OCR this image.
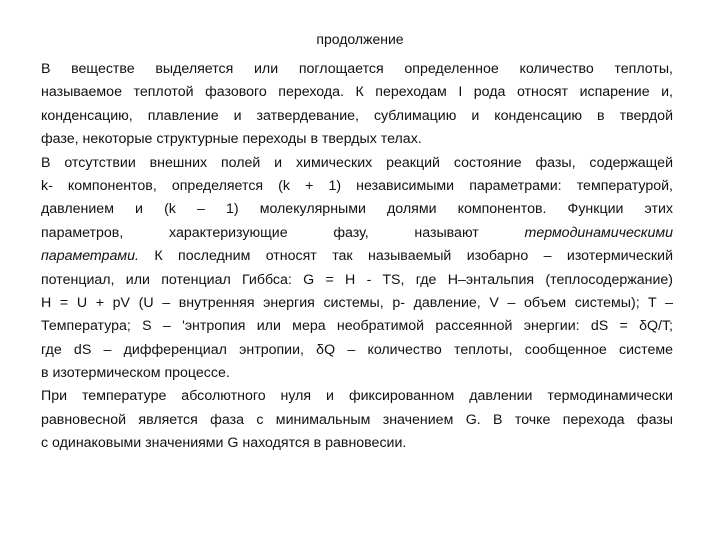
продолжение

В веществе выделяется или поглощается определенное количество теплоты,
называемое теплотой фазового перехода. К переходам I рода относят испарение и,
конденсацию, плавление и затвердевание, сублимацию и конденсацию в твердой
фазе, некоторые структурные переходы в твердых телах.
В отсутствии внешних полей и химических реакций состояние фазы, содержащей
k- компонентов, определяется (k + 1) независимыми параметрами: температурой,
давлением и (k – 1) молекулярными долями компонентов. Функции этих
параметров, характеризующие фазу, называют термодинамическими
параметрами. К последним относят так называемый изобарно – изотермический
потенциал, или потенциал Гиббса: G = H - TS, где H–энтальпия (теплосодержание)
H = U + pV (U – внутренняя энергия системы, р- давление, V – объем системы); T –
Температура; S – 'энтропия или мера необратимой рассеянной энергии: dS = δQ/T;
где dS – дифференциал энтропии, δQ – количество теплоты, сообщенное системе
в изотермическом процессе.
При температуре абсолютного нуля и фиксированном давлении термодинамически
равновесной является фаза с минимальным значением G. В точке перехода фазы
с одинаковыми значениями G находятся в равновесии.
